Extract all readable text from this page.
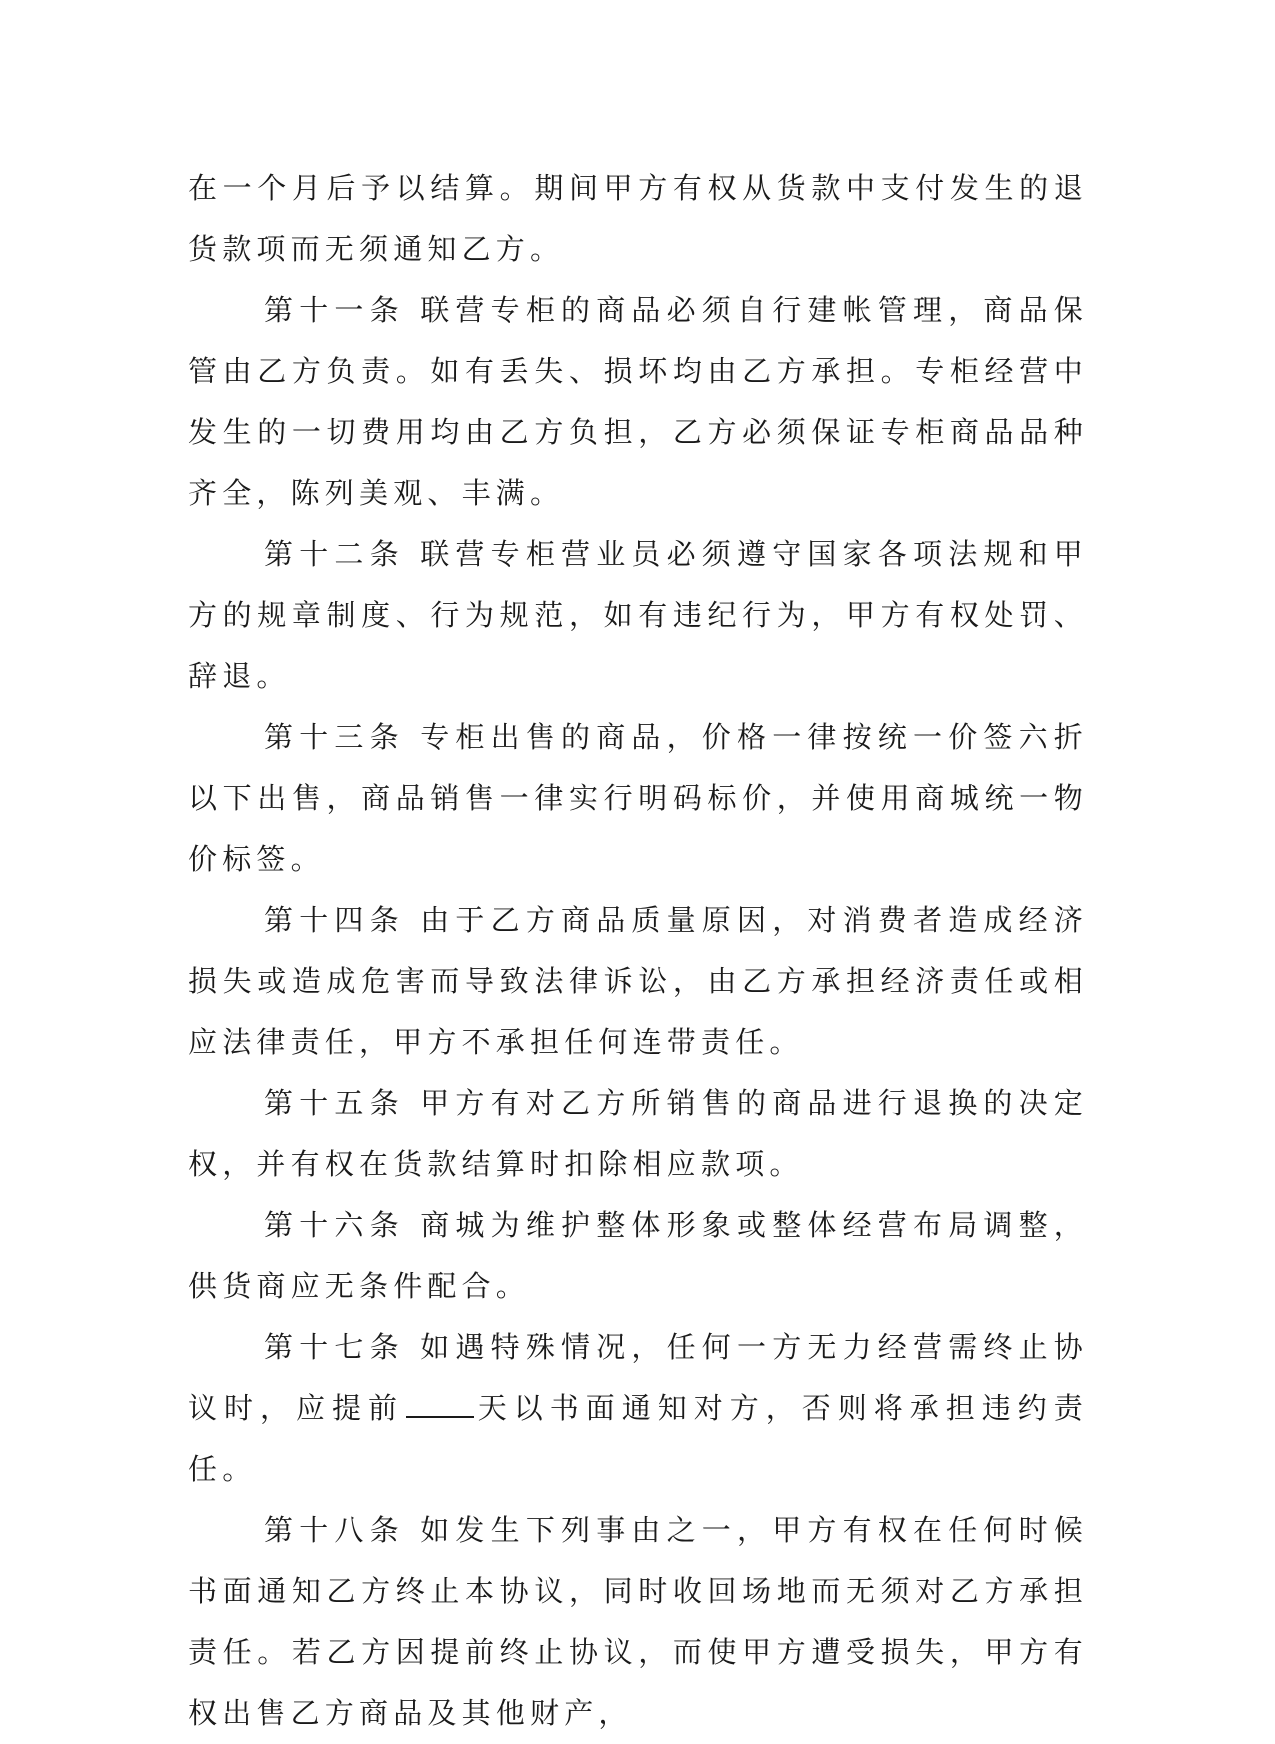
在一个月后予以结算。期间甲方有权从货款中支付发生的退货款项而无须通知乙方。

第十一条 联营专柜的商品必须自行建帐管理，商品保管由乙方负责。如有丢失、损坏均由乙方承担。专柜经营中发生的一切费用均由乙方负担，乙方必须保证专柜商品品种齐全，陈列美观、丰满。

第十二条 联营专柜营业员必须遵守国家各项法规和甲方的规章制度、行为规范，如有违纪行为，甲方有权处罚、辞退。

第十三条 专柜出售的商品，价格一律按统一价签六折以下出售，商品销售一律实行明码标价，并使用商城统一物价标签。

第十四条 由于乙方商品质量原因，对消费者造成经济损失或造成危害而导致法律诉讼，由乙方承担经济责任或相应法律责任，甲方不承担任何连带责任。

第十五条 甲方有对乙方所销售的商品进行退换的决定权，并有权在货款结算时扣除相应款项。

第十六条 商城为维护整体形象或整体经营布局调整，供货商应无条件配合。

第十七条 如遇特殊情况，任何一方无力经营需终止协议时，应提前 天以书面通知对方，否则将承担违约责任。

第十八条 如发生下列事由之一，甲方有权在任何时候书面通知乙方终止本协议，同时收回场地而无须对乙方承担责任。若乙方因提前终止协议，而使甲方遭受损失，甲方有权出售乙方商品及其他财产，
